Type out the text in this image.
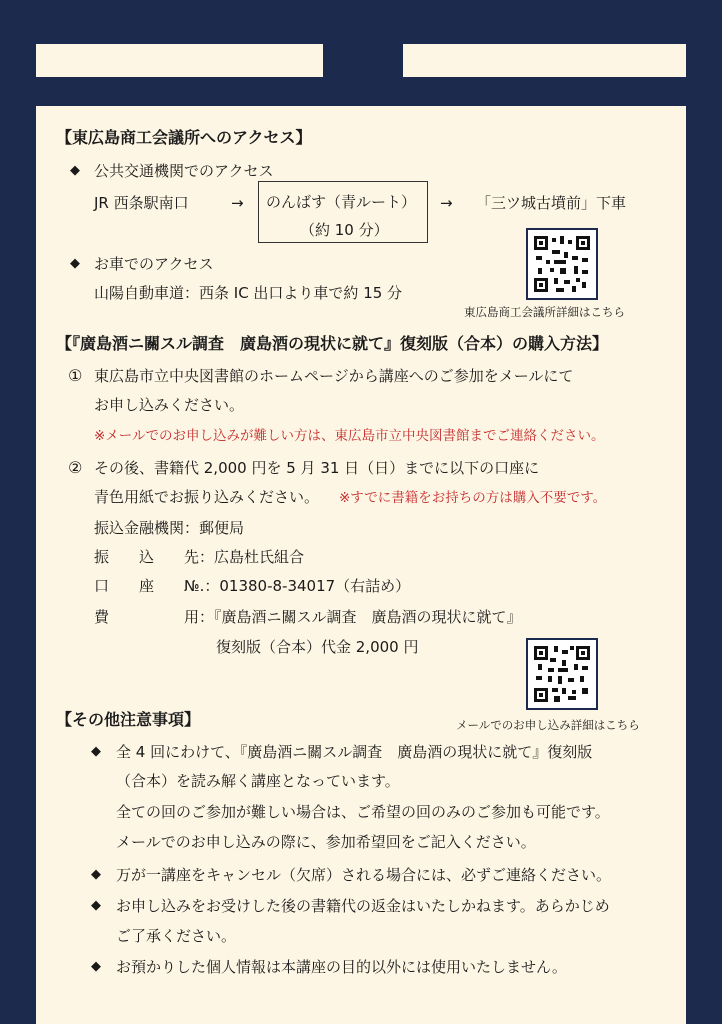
【東広島商工会議所へのアクセス】
◆ 公共交通機関でのアクセス
JR 西条駅南口	→ のんばす（青ルート）
（約 10 分）
→ 「三ツ城古墳前」下車
◆ お車でのアクセス
山陽自動車道：西条 IC 出口より車で約 15 分
東広島商工会議所詳細はこちら
【『廣島酒ニ關スル調査　廣島酒の現状に就て』復刻版（合本）の購入方法】
① 東広島市立中央図書館のホームページから講座へのご参加をメールにて
お申し込みください。
※メールでのお申し込みが難しい方は、東広島市立中央図書館までご連絡ください。
② その後、書籍代 2,000 円を 5 月 31 日（日）までに以下の口座に
青色用紙でお振り込みください。 ※すでに書籍をお持ちの方は購入不要です。
振込金融機関：郵便局
振　　込　　先：広島杜氏組合
口　　座　　№.：01380-8-34017（右詰め）
費　　　　　用：『廣島酒ニ關スル調査　廣島酒の現状に就て』
復刻版（合本）代金 2,000 円
メールでのお申し込み詳細はこちら
【その他注意事項】
◆ 全 4 回にわけて、『廣島酒ニ關スル調査　廣島酒の現状に就て』復刻版
（合本）を読み解く講座となっています。
全ての回のご参加が難しい場合は、ご希望の回のみのご参加も可能です。
メールでのお申し込みの際に、参加希望回をご記入ください。
◆ 万が一講座をキャンセル（欠席）される場合には、必ずご連絡ください。
◆ お申し込みをお受けした後の書籍代の返金はいたしかねます。あらかじめ
ご了承ください。
◆ お預かりした個人情報は本講座の目的以外には使用いたしません。
